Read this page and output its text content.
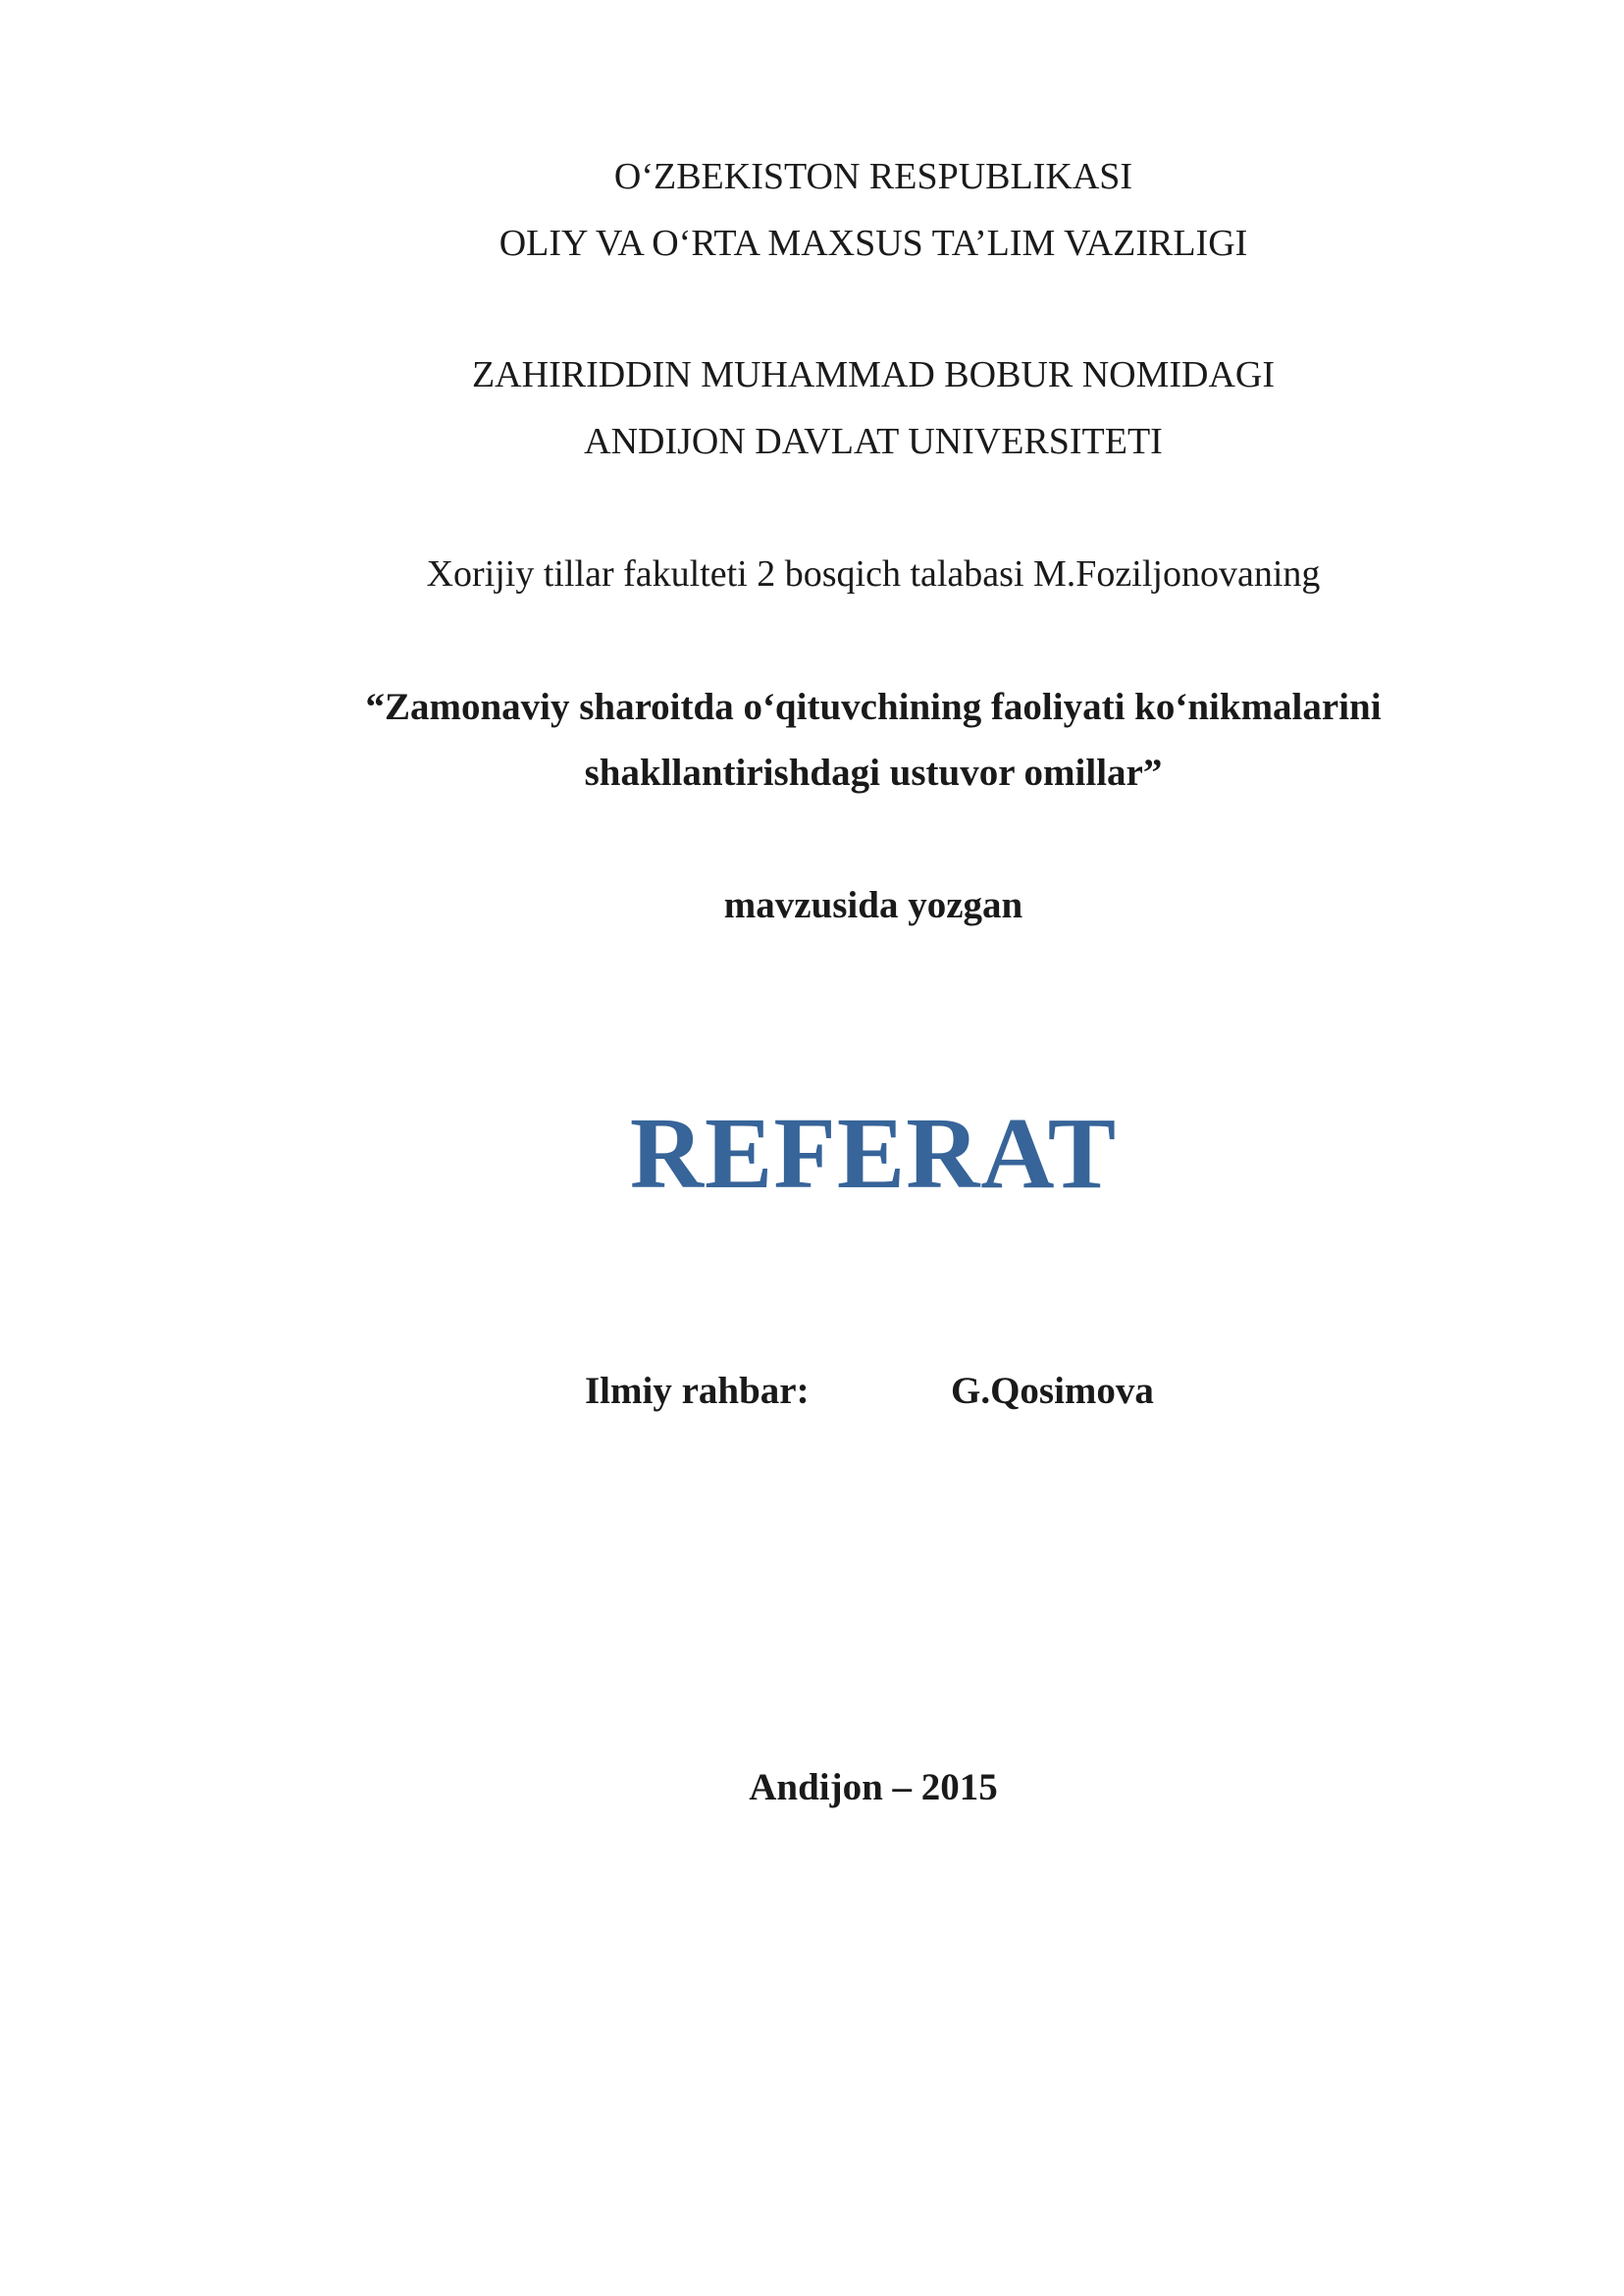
O‘ZBEKISTON RESPUBLIKASI
OLIY VA O‘RTA MAXSUS TA’LIM VAZIRLIGI
ZAHIRIDDIN MUHAMMAD BOBUR NOMIDAGI
ANDIJON DAVLAT UNIVERSITETI
Xorijiy tillar fakulteti 2 bosqich talabasi M.Foziljonovaning
“Zamonaviy sharoitda o‘qituvchining faoliyati ko‘nikmalarini
shakllantirishdagi ustuvor omillar”
mavzusida yozgan
REFERAT
Ilmiy rahbar:	G.Qosimova
Andijon – 2015
